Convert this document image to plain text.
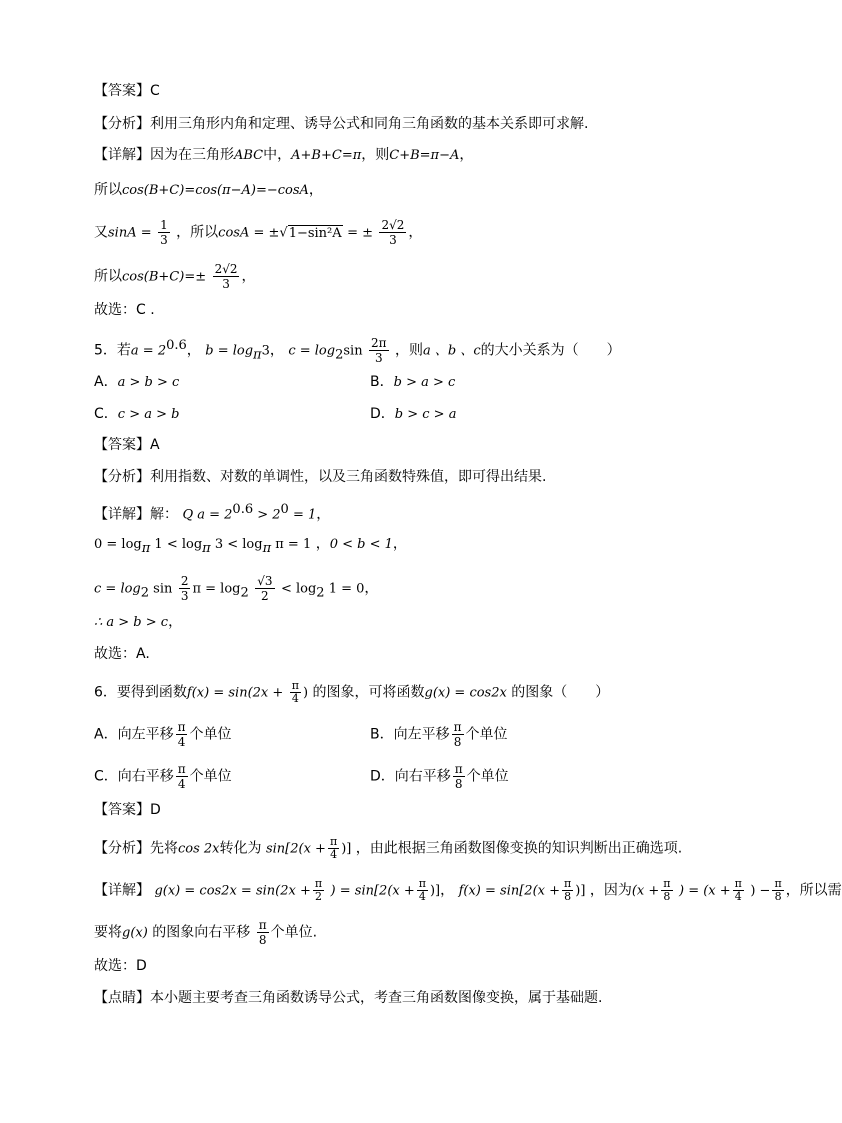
【答案】C
【分析】利用三角形内角和定理、诱导公式和同角三角函数的基本关系即可求解.
【详解】因为在三角形ABC中，A+B+C=π，则C+B=π−A，
所以cos(B+C)=cos(π−A)=−cosA，
又$\sin A = \frac{1}{3}$ ，所以cosA = ±√1−sin²A = ± $\frac{2√2}{3}$ ，
所以$\cos(B+C)=\pm \frac{2√2}{3}$ ，
故选：C .
5．若$a = 2^{0.6}$， $b = \log_\pi 3$， $c = \log_2\sin \frac{2\pi}{3}$ ，则a 、b 、c的大小关系为（　　）
A．a > b > c	B．b > a > c
C．c > a > b	D．b > c > a
【答案】A
【分析】利用指数、对数的单调性，以及三角函数特殊值，即可得出结果.
【详解】解： Q $a = 2^{0.6} > 2^0 = 1$，
$0 = \log_\pi 1 < \log_\pi 3 < \log_\pi \pi = 1$ ，0 < b < 1，
$c = \log_2 \sin \frac{2}{3}$ $\pi = \log_2 \frac{√3}{2} < \log_2 1 = 0$，
∴ a > b > c，
故选：A.
6．要得到函数$f(x) = \sin(2x + \frac{\pi}{4}$ ) 的图象，可将函数g(x) = cos2x 的图象（　　）
A．向左平移 $\frac{\pi}{4}$ 个单位	B．向左平移 $\frac{\pi}{8}$ 个单位
C．向右平移 $\frac{\pi}{4}$ 个单位	D．向右平移 $\frac{\pi}{8}$ 个单位
【答案】D
【分析】先将cos 2x转化为 $\sin[2(x + \frac{\pi}{4}$ )] ，由此根据三角函数图像变换的知识判断出正确选项.
【详解】 $g(x) = \cos 2x = \sin(2x + \frac{\pi}{2}$ ) = $\sin[2(x + \frac{\pi}{4}$ )]， $f(x) = \sin[2(x + \frac{\pi}{8}$ )] ，因为($x + \frac{\pi}{8}$ ) = ($x + \frac{\pi}{4}$ ) − $\frac{\pi}{8}$ ，所以需
要将g(x) 的图象向右平移 $\frac{\pi}{8}$ 个单位.
故选：D
【点睛】本小题主要考查三角函数诱导公式，考查三角函数图像变换，属于基础题.
